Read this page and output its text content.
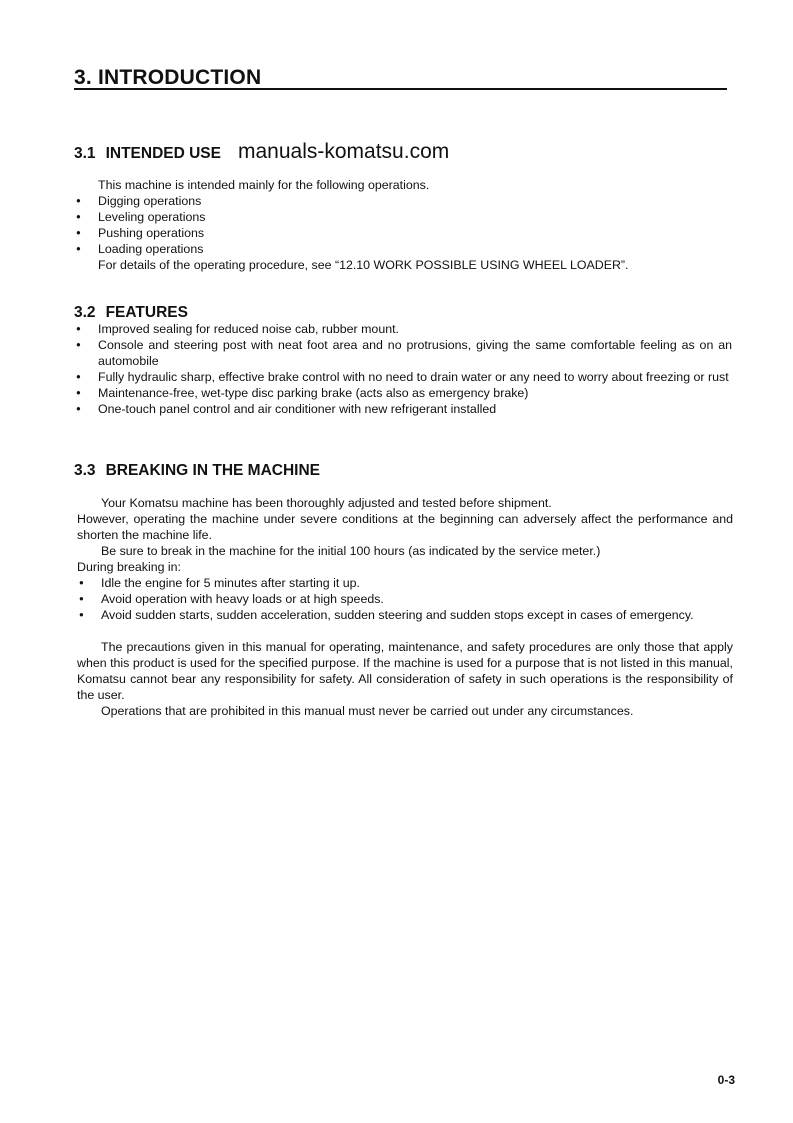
3. INTRODUCTION
3.1 INTENDED USE manuals-komatsu.com
This machine is intended mainly for the following operations.
● Digging operations
● Leveling operations
● Pushing operations
● Loading operations
For details of the operating procedure, see “12.10 WORK POSSIBLE USING WHEEL LOADER”.
3.2 FEATURES
● Improved sealing for reduced noise cab, rubber mount.
● Console and steering post with neat foot area and no protrusions, giving the same comfortable feeling as on an automobile
● Fully hydraulic sharp, effective brake control with no need to drain water or any need to worry about freezing or rust
● Maintenance-free, wet-type disc parking brake (acts also as emergency brake)
● One-touch panel control and air conditioner with new refrigerant installed
3.3 BREAKING IN THE MACHINE
Your Komatsu machine has been thoroughly adjusted and tested before shipment.
However, operating the machine under severe conditions at the beginning can adversely affect the performance and shorten the machine life.
Be sure to break in the machine for the initial 100 hours (as indicated by the service meter.)
During breaking in:
● Idle the engine for 5 minutes after starting it up.
● Avoid operation with heavy loads or at high speeds.
● Avoid sudden starts, sudden acceleration, sudden steering and sudden stops except in cases of emergency.
The precautions given in this manual for operating, maintenance, and safety procedures are only those that apply when this product is used for the specified purpose. If the machine is used for a purpose that is not listed in this manual, Komatsu cannot bear any responsibility for safety. All consideration of safety in such operations is the responsibility of the user.
Operations that are prohibited in this manual must never be carried out under any circumstances.
0-3
